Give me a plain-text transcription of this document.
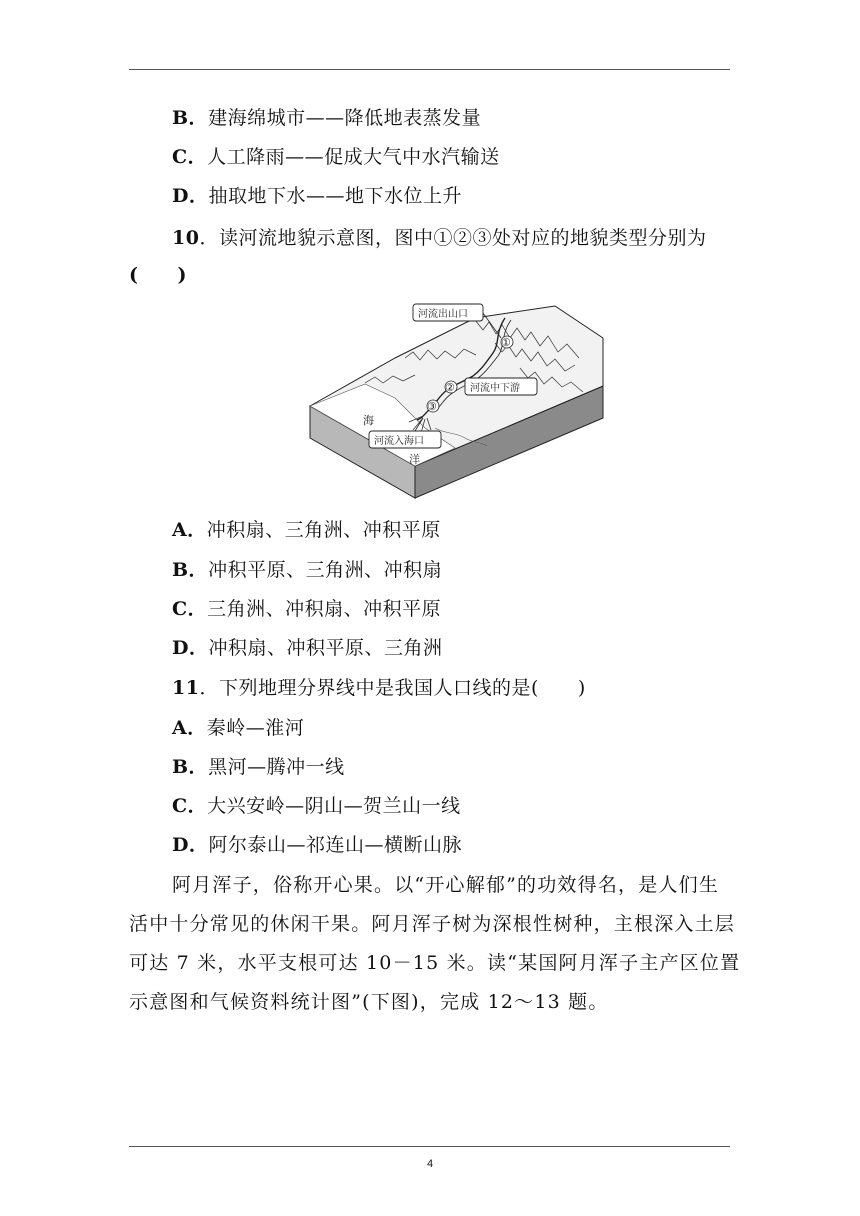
B．建海绵城市——降低地表蒸发量
C．人工降雨——促成大气中水汽输送
D．抽取地下水——地下水位上升
10．读河流地貌示意图，图中①②③处对应的地貌类型分别为
(　　)
河流出山口
①
② 河流中下游
③
河流入海口
海
洋
A．冲积扇、三角洲、冲积平原
B．冲积平原、三角洲、冲积扇
C．三角洲、冲积扇、冲积平原
D．冲积扇、冲积平原、三角洲
11．下列地理分界线中是我国人口线的是(　　)
A．秦岭—淮河
B．黑河—腾冲一线
C．大兴安岭—阴山—贺兰山一线
D．阿尔泰山—祁连山—横断山脉
阿月浑子，俗称开心果。以“开心解郁”的功效得名，是人们生
活中十分常见的休闲干果。阿月浑子树为深根性树种，主根深入土层
可达 7 米，水平支根可达 10－15 米。读“某国阿月浑子主产区位置
示意图和气候资料统计图”(下图)，完成 12～13 题。
4
